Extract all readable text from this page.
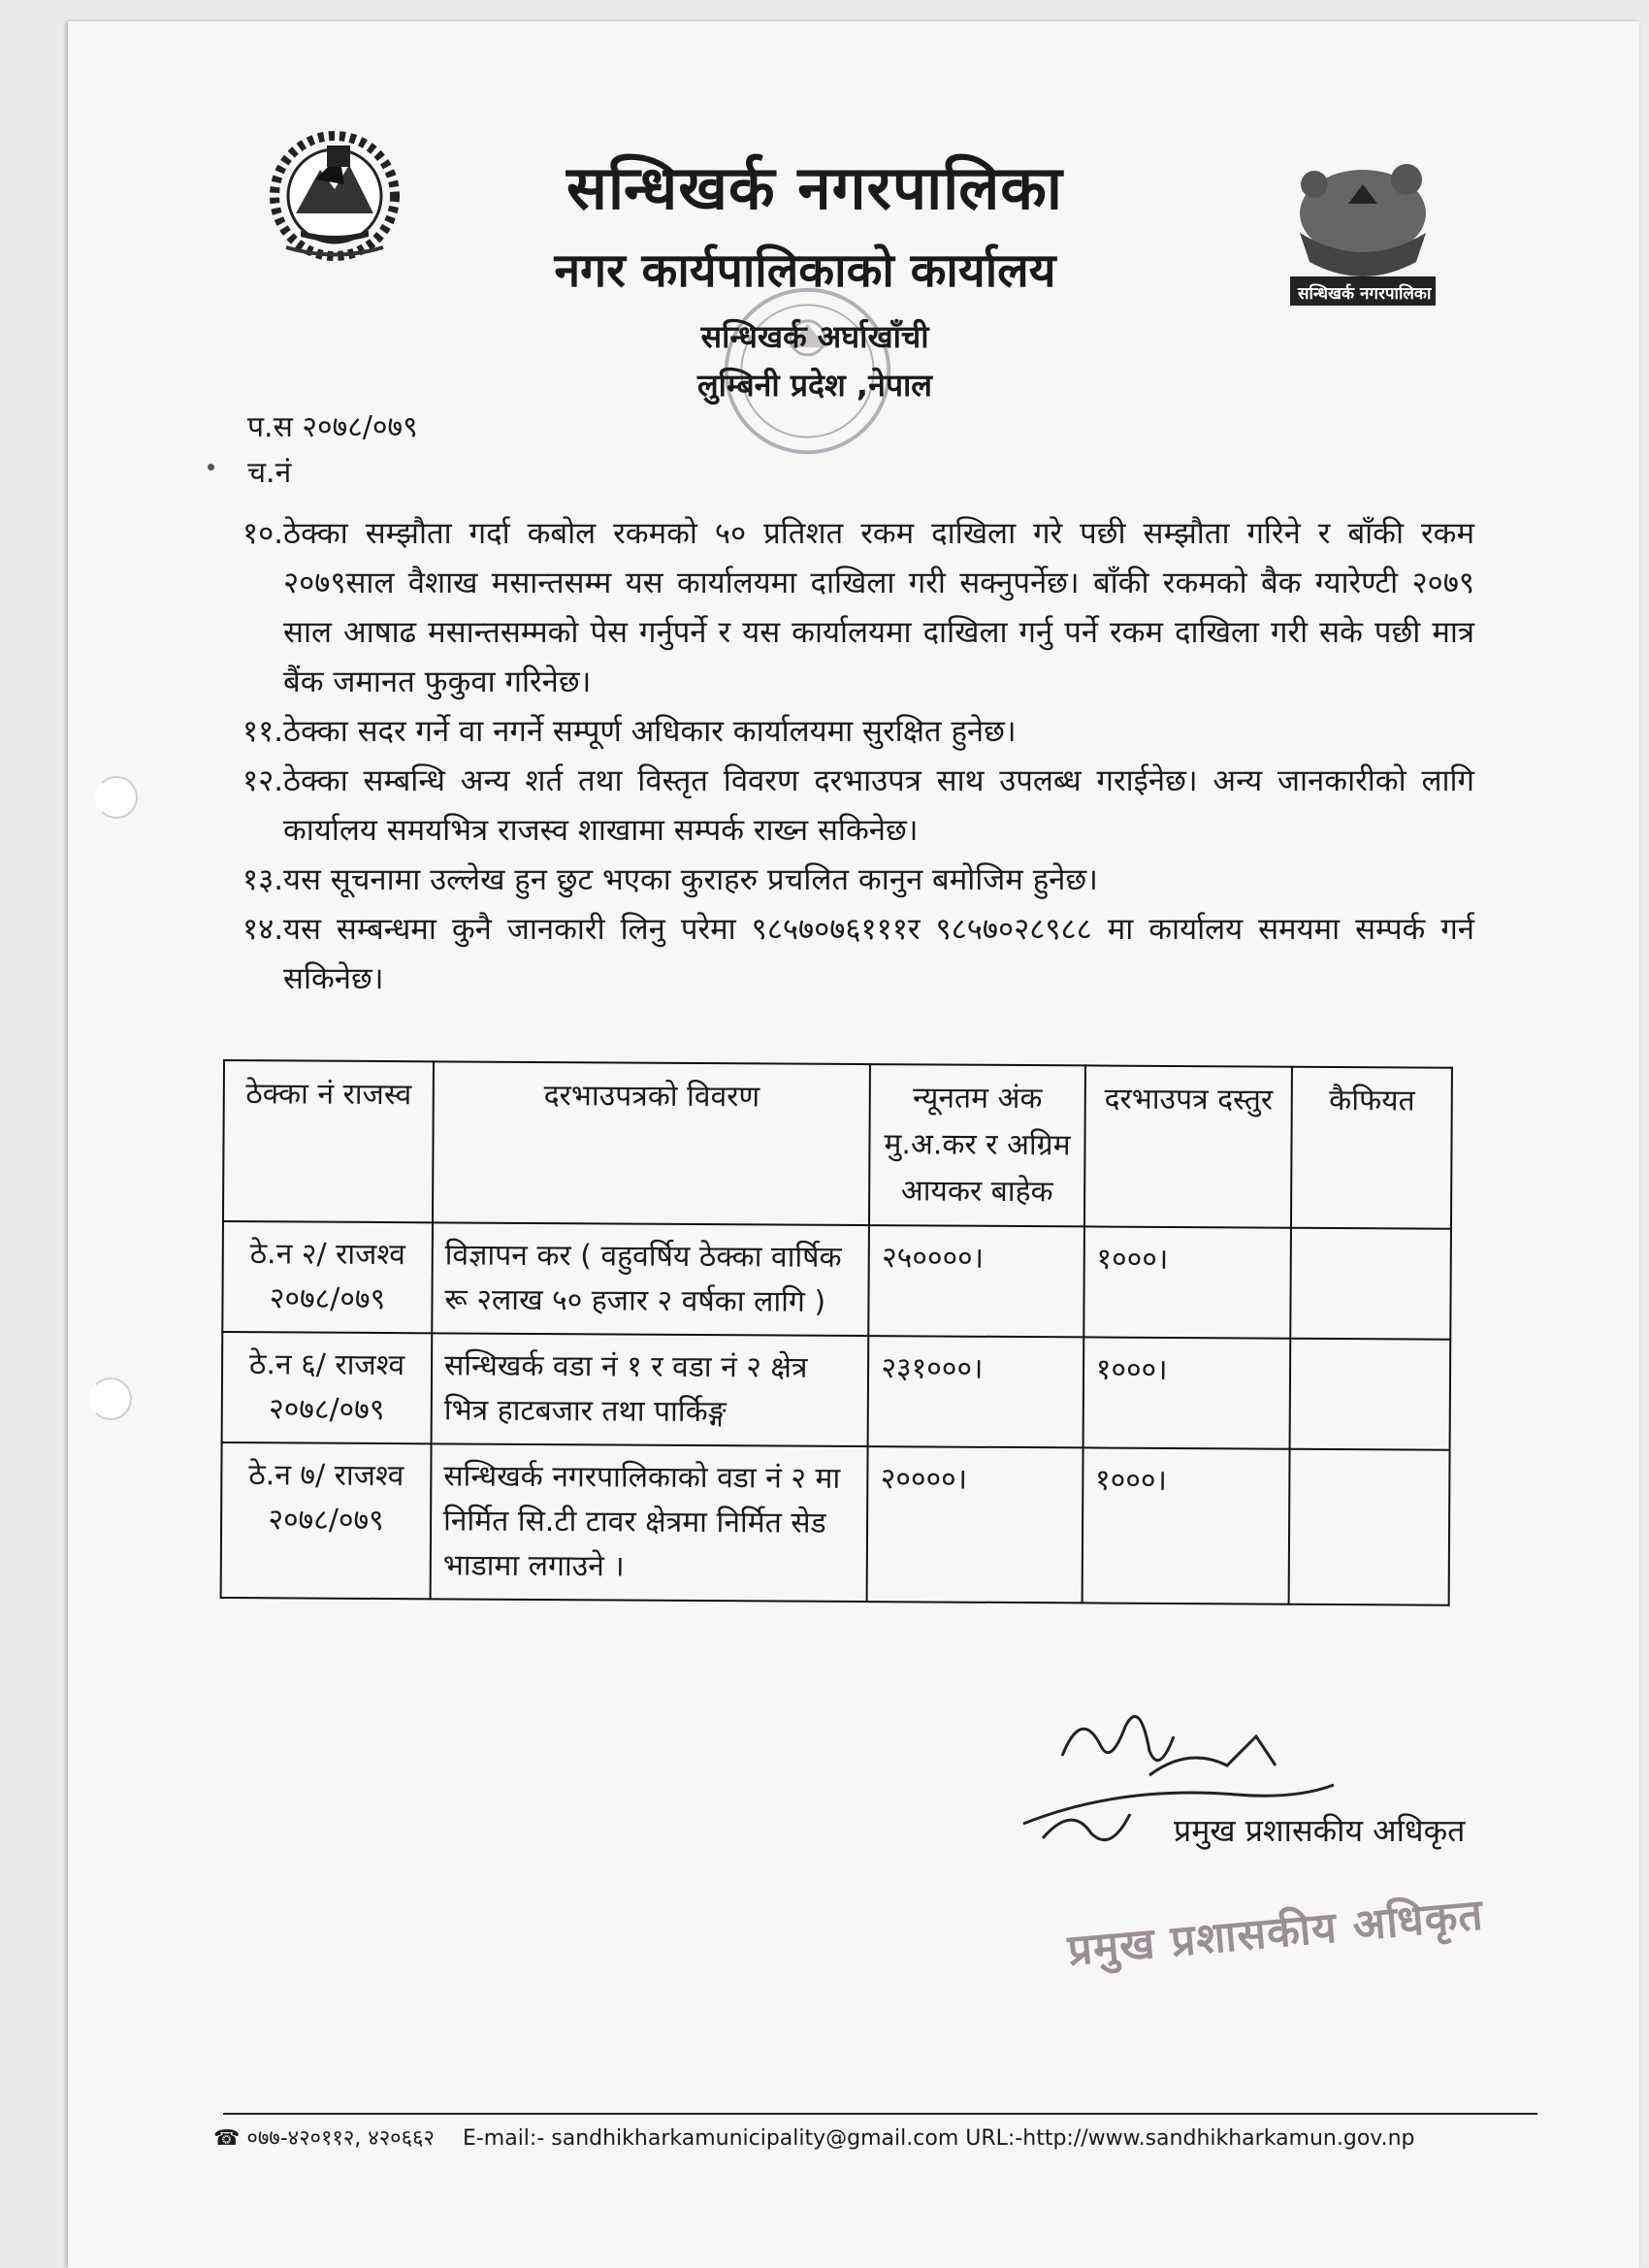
सन्धिखर्क नगरपालिका
सन्धिखर्क नगरपालिका
नगर कार्यपालिकाको कार्यालय
सन्धिखर्क अर्घाखाँची
लुम्बिनी प्रदेश ,नेपाल
प.स २०७८/०७९
च.नं

१०. ठेक्का सम्झौता गर्दा कबोल रकमको ५० प्रतिशत रकम दाखिला गरे पछी सम्झौता गरिने र बाँकी रकम २०७९साल वैशाख मसान्तसम्म यस कार्यालयमा दाखिला गरी सक्नुपर्नेछ। बाँकी रकमको बैक ग्यारेण्टी २०७९ साल आषाढ मसान्तसम्मको पेस गर्नुपर्ने र यस कार्यालयमा दाखिला गर्नु पर्ने रकम दाखिला गरी सके पछी मात्र बैंक जमानत फुकुवा गरिनेछ।

११. ठेक्का सदर गर्ने वा नगर्ने सम्पूर्ण अधिकार कार्यालयमा सुरक्षित हुनेछ।

१२. ठेक्का सम्बन्धि अन्य शर्त तथा विस्तृत विवरण दरभाउपत्र साथ उपलब्ध गराईनेछ। अन्य जानकारीको लागि कार्यालय समयभित्र राजस्व शाखामा सम्पर्क राख्न सकिनेछ।

१३. यस सूचनामा उल्लेख हुन छुट भएका कुराहरु प्रचलित कानुन बमोजिम हुनेछ।

१४. यस सम्बन्धमा कुनै जानकारी लिनु परेमा ९८५७०७६१११र ९८५७०२८९८८ मा कार्यालय समयमा सम्पर्क गर्न सकिनेछ।

ठेक्का नं राजस्व	दरभाउपत्रको विवरण	न्यूनतम अंक मु.अ.कर र अग्रिम आयकर बाहेक	दरभाउपत्र दस्तुर	कैफियत
ठे.न २/ राजश्व २०७८/०७९	विज्ञापन कर ( वहुवर्षिय ठेक्का वार्षिक रू २लाख ५० हजार २ वर्षका लागि )	२५००००।	१०००।	
ठे.न ६/ राजश्व २०७८/०७९	सन्धिखर्क वडा नं १ र वडा नं २ क्षेत्र भित्र हाटबजार तथा पार्किङ्ग	२३१०००।	१०००।	
ठे.न ७/ राजश्व २०७८/०७९	सन्धिखर्क नगरपालिकाको वडा नं २ मा निर्मित सि.टी टावर क्षेत्रमा निर्मित सेड भाडामा लगाउने ।	२००००।	१०००।	
प्रमुख प्रशासकीय अधिकृत
प्रमुख प्रशासकीय अधिकृत
☎ ०७७-४२०११२, ४२०६६२ E-mail:- sandhikharkamunicipality@gmail.com URL:-http://www.sandhikharkamun.gov.np
